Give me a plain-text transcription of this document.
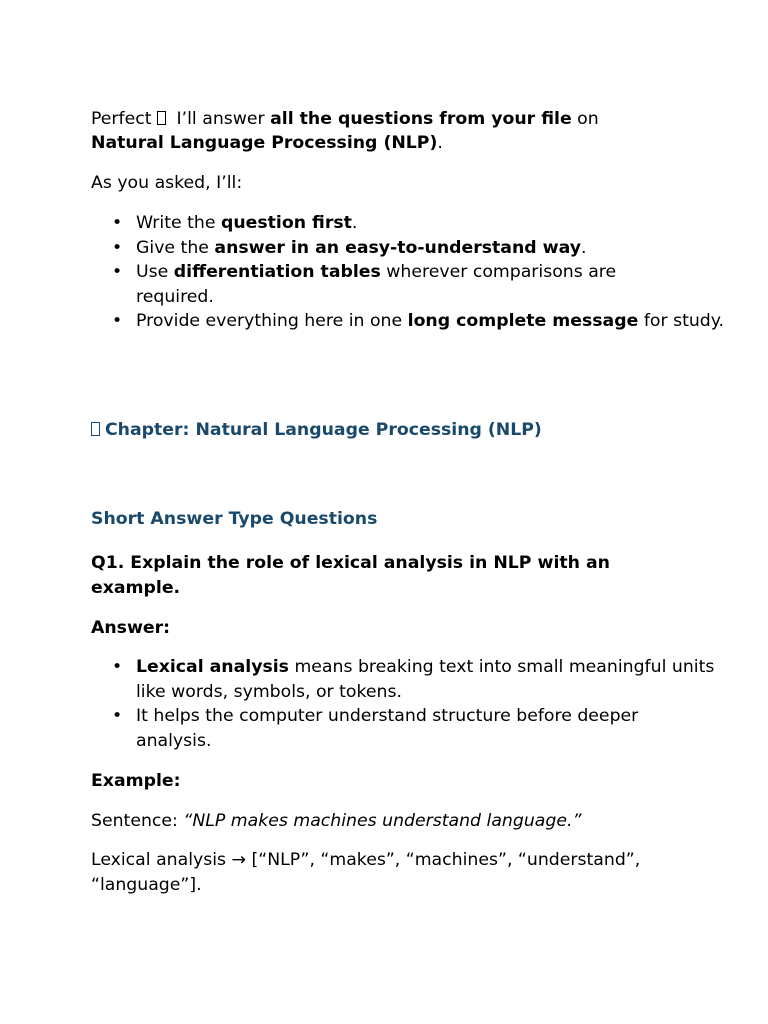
Perfect  I’ll answer all the questions from your file on
Natural Language Processing (NLP).
As you asked, I’ll:
• Write the question first.
• Give the answer in an easy-to-understand way.
• Use differentiation tables wherever comparisons are required.
• Provide everything here in one long complete message for study.
Chapter: Natural Language Processing (NLP)
Short Answer Type Questions
Q1. Explain the role of lexical analysis in NLP with an
example.
Answer:
• Lexical analysis means breaking text into small meaningful units like words, symbols, or tokens.
• It helps the computer understand structure before deeper analysis.
Example:
Sentence: “NLP makes machines understand language.”
Lexical analysis → [“NLP”, “makes”, “machines”, “understand”,
“language”].
